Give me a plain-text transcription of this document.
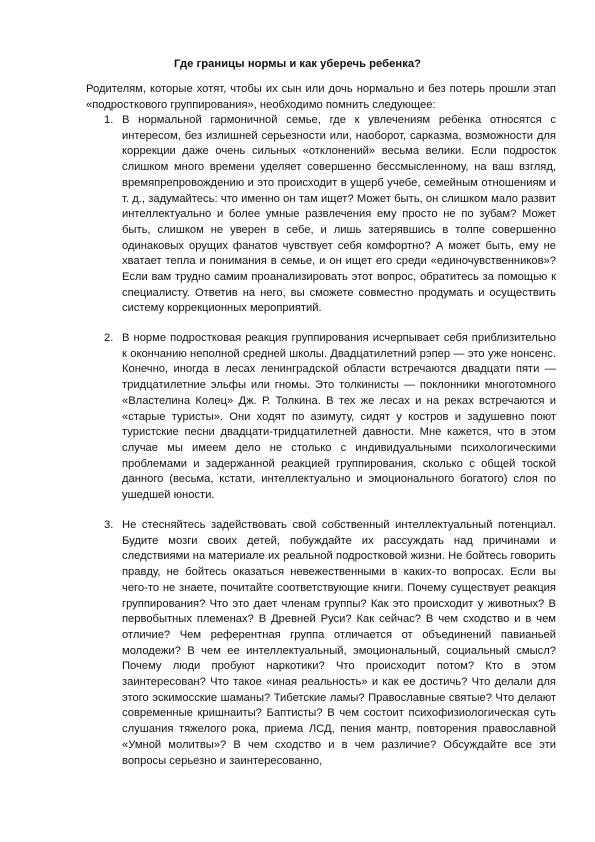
Где границы нормы и как уберечь ребенка?
Родителям, которые хотят, чтобы их сын или дочь нормально и без потерь прошли этап «подросткового группирования», необходимо помнить следующее:
1. В нормальной гармоничной семье, где к увлечениям ребенка относятся с интересом, без излишней серьезности или, наоборот, сарказма, возможности для коррекции даже очень сильных «отклонений» весьма велики. Если подросток слишком много времени уделяет совершенно бессмысленному, на ваш взгляд, времяпрепровождению и это происходит в ущерб учебе, семейным отношениям и т. д., задумайтесь: что именно он там ищет? Может быть, он слишком мало развит интеллектуально и более умные развлечения ему просто не по зубам? Может быть, слишком не уверен в себе, и лишь затерявшись в толпе совершенно одинаковых орущих фанатов чувствует себя комфортно? А может быть, ему не хватает тепла и понимания в семье, и он ищет его среди «единочувственников»? Если вам трудно самим проанализировать этот вопрос, обратитесь за помощью к специалисту. Ответив на него, вы сможете совместно продумать и осуществить систему коррекционных мероприятий.
2. В норме подростковая реакция группирования исчерпывает себя приблизительно к окончанию неполной средней школы. Двадцатилетний рэпер — это уже нонсенс. Конечно, иногда в лесах ленинградской области встречаются двадцати пяти — тридцатилетние эльфы или гномы. Это толкинисты — поклонники многотомного «Властелина Колец» Дж. Р. Толкина. В тех же лесах и на реках встречаются и «старые туристы». Они ходят по азимуту, сидят у костров и задушевно поют туристские песни двадцати-тридцатилетней давности. Мне кажется, что в этом случае мы имеем дело не столько с индивидуальными психологическими проблемами и задержанной реакцией группирования, сколько с общей тоской данного (весьма, кстати, интеллектуально и эмоционального богатого) слоя по ушедшей юности.
3. Не стесняйтесь задействовать свой собственный интеллектуальный потенциал. Будите мозги своих детей, побуждайте их рассуждать над причинами и следствиями на материале их реальной подростковой жизни. Не бойтесь говорить правду, не бойтесь оказаться невежественными в каких-то вопросах. Если вы чего-то не знаете, почитайте соответствующие книги. Почему существует реакция группирования? Что это дает членам группы? Как это происходит у животных? В первобытных племенах? В Древней Руси? Как сейчас? В чем сходство и в чем отличие? Чем референтная группа отличается от объединений павианьей молодежи? В чем ее интеллектуальный, эмоциональный, социальный смысл? Почему люди пробуют наркотики? Что происходит потом? Кто в этом заинтересован? Что такое «иная реальность» и как ее достичь? Что делали для этого эскимосские шаманы? Тибетские ламы? Православные святые? Что делают современные кришнаиты? Баптисты? В чем состоит психофизиологическая суть слушания тяжелого рока, приема ЛСД, пения мантр, повторения православной «Умной молитвы»? В чем сходство и в чем различие? Обсуждайте все эти вопросы серьезно и заинтересованно,
